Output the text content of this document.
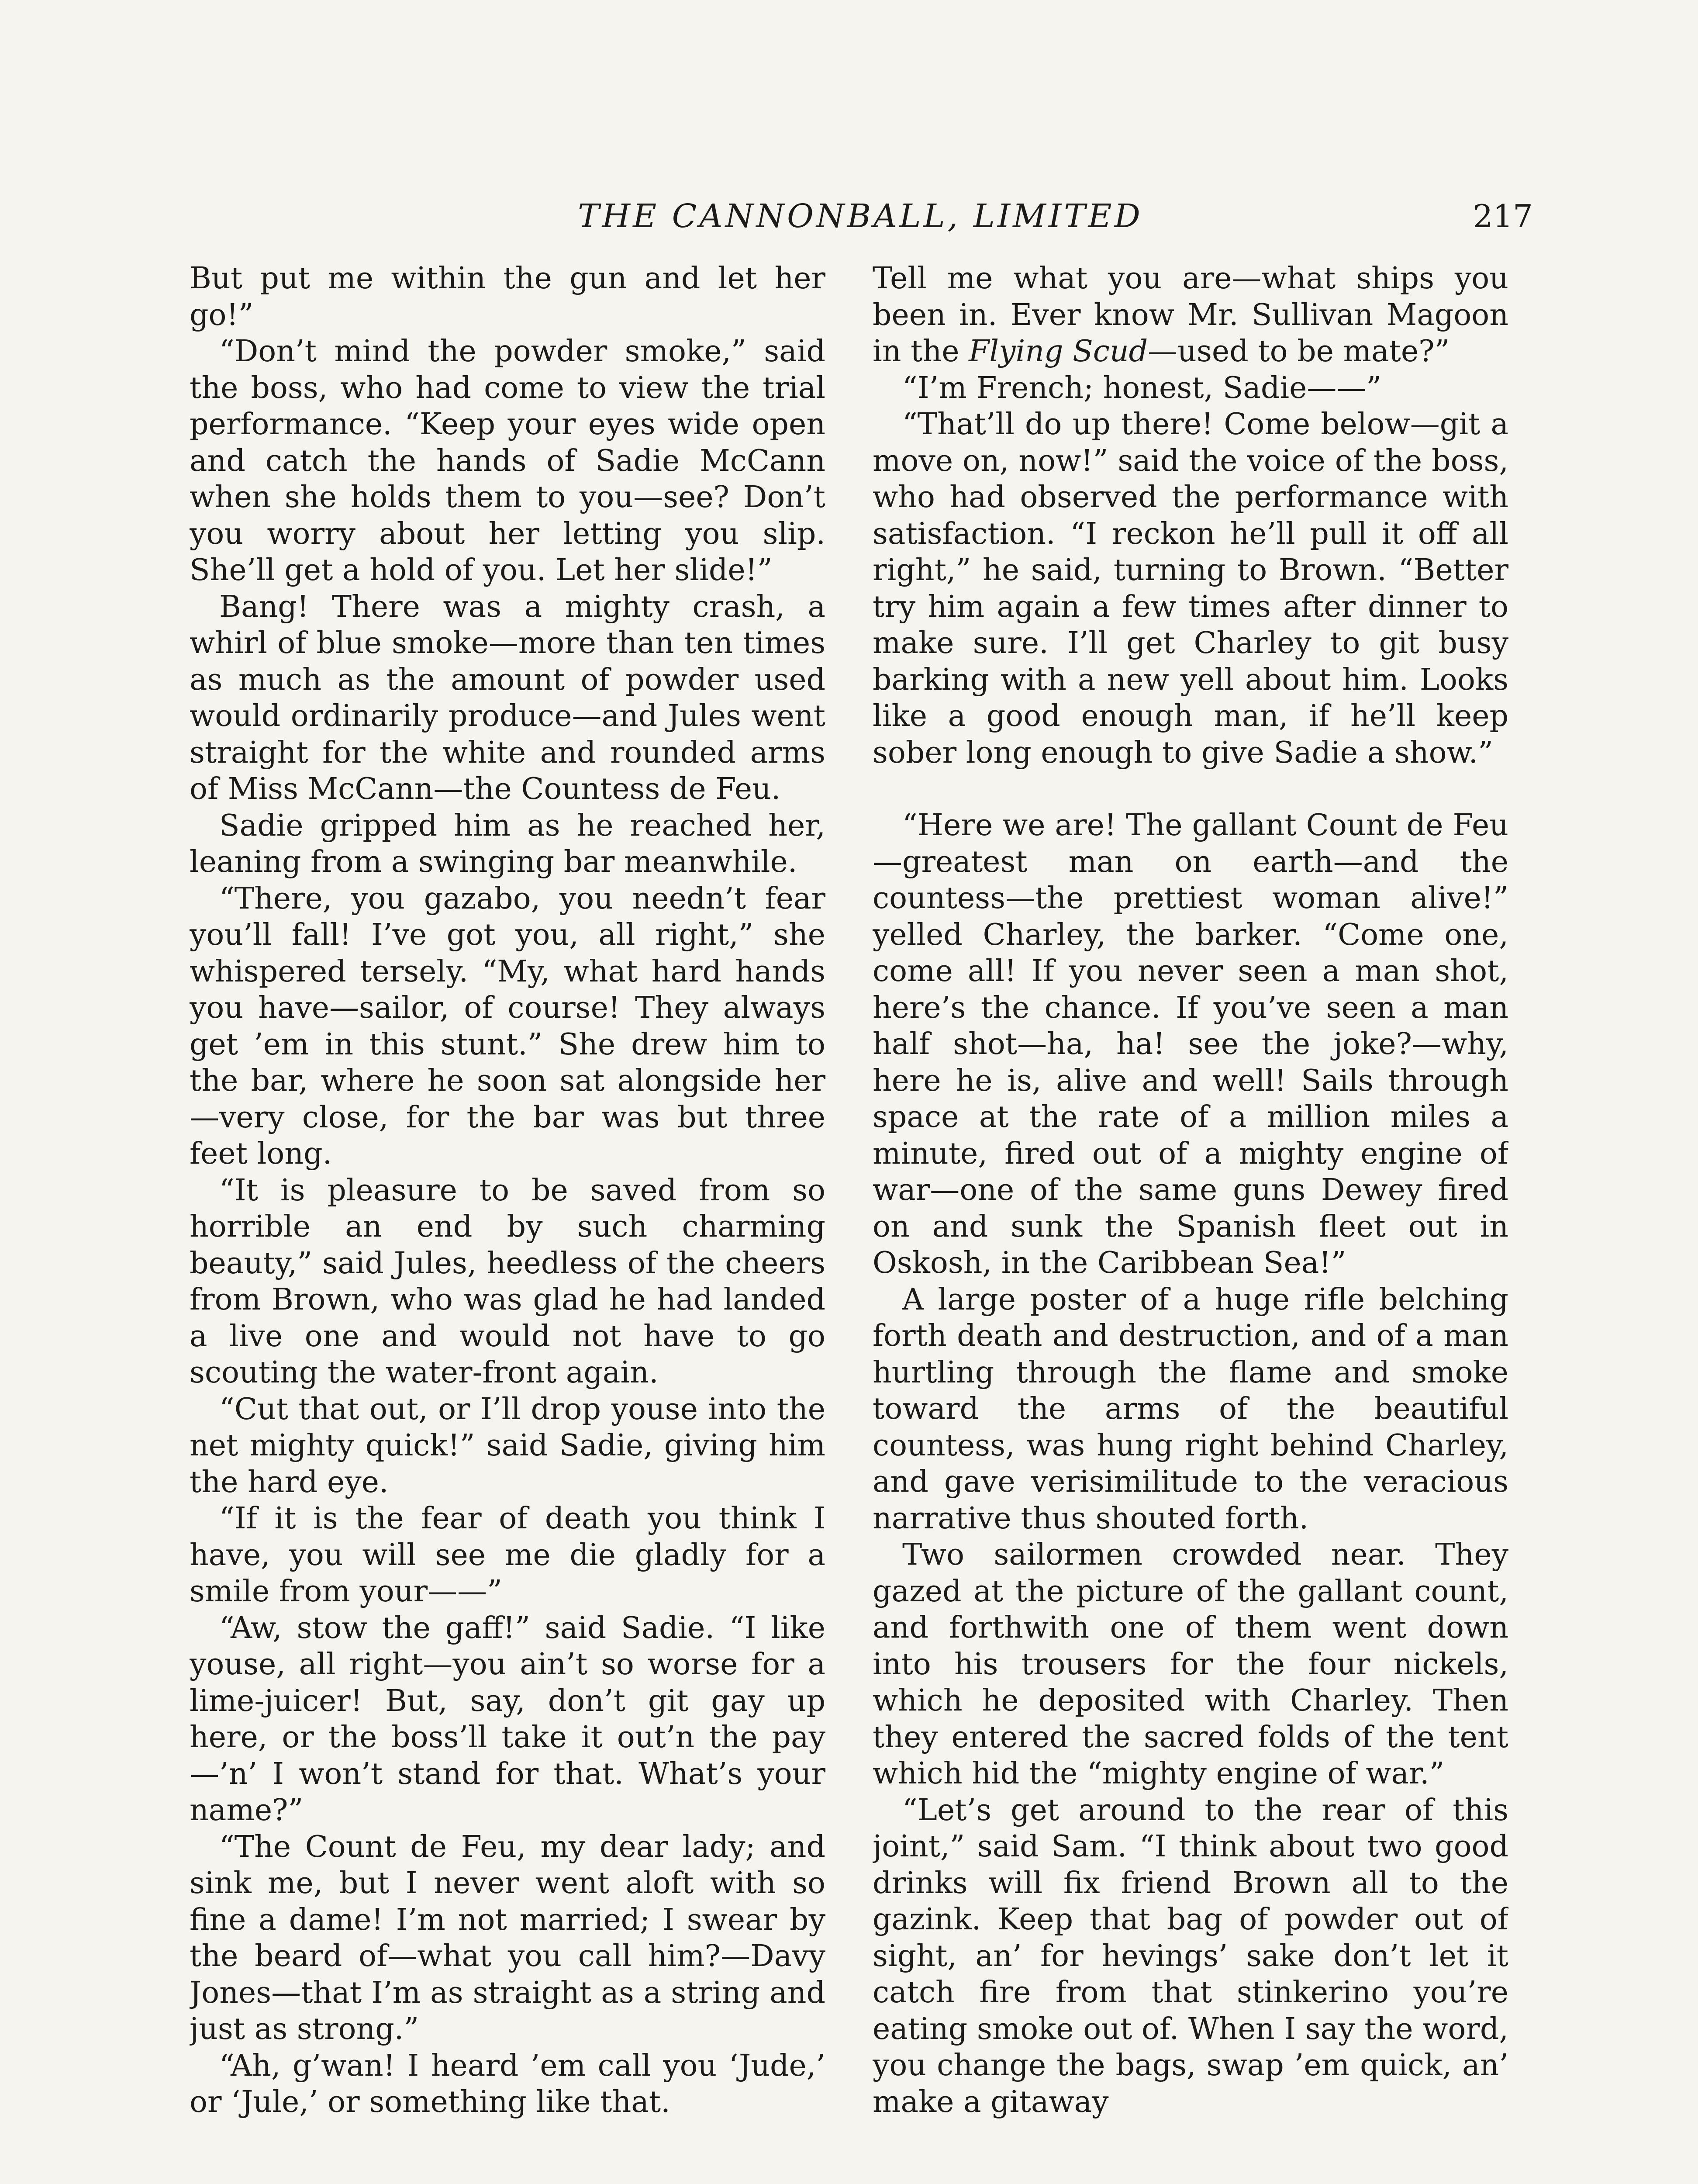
THE CANNONBALL, LIMITED	217

But put me within the gun and let her go!”

“Don’t mind the powder smoke,” said the boss, who had come to view the trial performance. “Keep your eyes wide open and catch the hands of Sadie McCann when she holds them to you—see? Don’t you worry about her letting you slip. She’ll get a hold of you. Let her slide!”

Bang! There was a mighty crash, a whirl of blue smoke—more than ten times as much as the amount of powder used would ordinarily produce—and Jules went straight for the white and rounded arms of Miss McCann—the Countess de Feu.

Sadie gripped him as he reached her, leaning from a swinging bar meanwhile.

“There, you gazabo, you needn’t fear you’ll fall! I’ve got you, all right,” she whispered tersely. “My, what hard hands you have—sailor, of course! They always get ’em in this stunt.” She drew him to the bar, where he soon sat alongside her—very close, for the bar was but three feet long.

“It is pleasure to be saved from so horrible an end by such charming beauty,” said Jules, heedless of the cheers from Brown, who was glad he had landed a live one and would not have to go scouting the water-front again.

“Cut that out, or I’ll drop youse into the net mighty quick!” said Sadie, giving him the hard eye.

“If it is the fear of death you think I have, you will see me die gladly for a smile from your——”

“Aw, stow the gaff!” said Sadie. “I like youse, all right—you ain’t so worse for a lime-juicer! But, say, don’t git gay up here, or the boss’ll take it out’n the pay—’n’ I won’t stand for that. What’s your name?”

“The Count de Feu, my dear lady; and sink me, but I never went aloft with so fine a dame! I’m not married; I swear by the beard of—what you call him?—Davy Jones—that I’m as straight as a string and just as strong.”

“Ah, g’wan! I heard ’em call you ‘Jude,’ or ‘Jule,’ or something like that.

Tell me what you are—what ships you been in. Ever know Mr. Sullivan Magoon in the Flying Scud—used to be mate?”

“I’m French; honest, Sadie——”

“That’ll do up there! Come below—git a move on, now!” said the voice of the boss, who had observed the performance with satisfaction. “I reckon he’ll pull it off all right,” he said, turning to Brown. “Better try him again a few times after dinner to make sure. I’ll get Charley to git busy barking with a new yell about him. Looks like a good enough man, if he’ll keep sober long enough to give Sadie a show.”

“Here we are! The gallant Count de Feu—greatest man on earth—and the countess—the prettiest woman alive!” yelled Charley, the barker. “Come one, come all! If you never seen a man shot, here’s the chance. If you’ve seen a man half shot—ha, ha! see the joke?—why, here he is, alive and well! Sails through space at the rate of a million miles a minute, fired out of a mighty engine of war—one of the same guns Dewey fired on and sunk the Spanish fleet out in Oskosh, in the Caribbean Sea!”

A large poster of a huge rifle belching forth death and destruction, and of a man hurtling through the flame and smoke toward the arms of the beautiful countess, was hung right behind Charley, and gave verisimilitude to the veracious narrative thus shouted forth.

Two sailormen crowded near. They gazed at the picture of the gallant count, and forthwith one of them went down into his trousers for the four nickels, which he deposited with Charley. Then they entered the sacred folds of the tent which hid the “mighty engine of war.”

“Let’s get around to the rear of this joint,” said Sam. “I think about two good drinks will fix friend Brown all to the gazink. Keep that bag of powder out of sight, an’ for hevings’ sake don’t let it catch fire from that stinkerino you’re eating smoke out of. When I say the word, you change the bags, swap ’em quick, an’ make a gitaway
